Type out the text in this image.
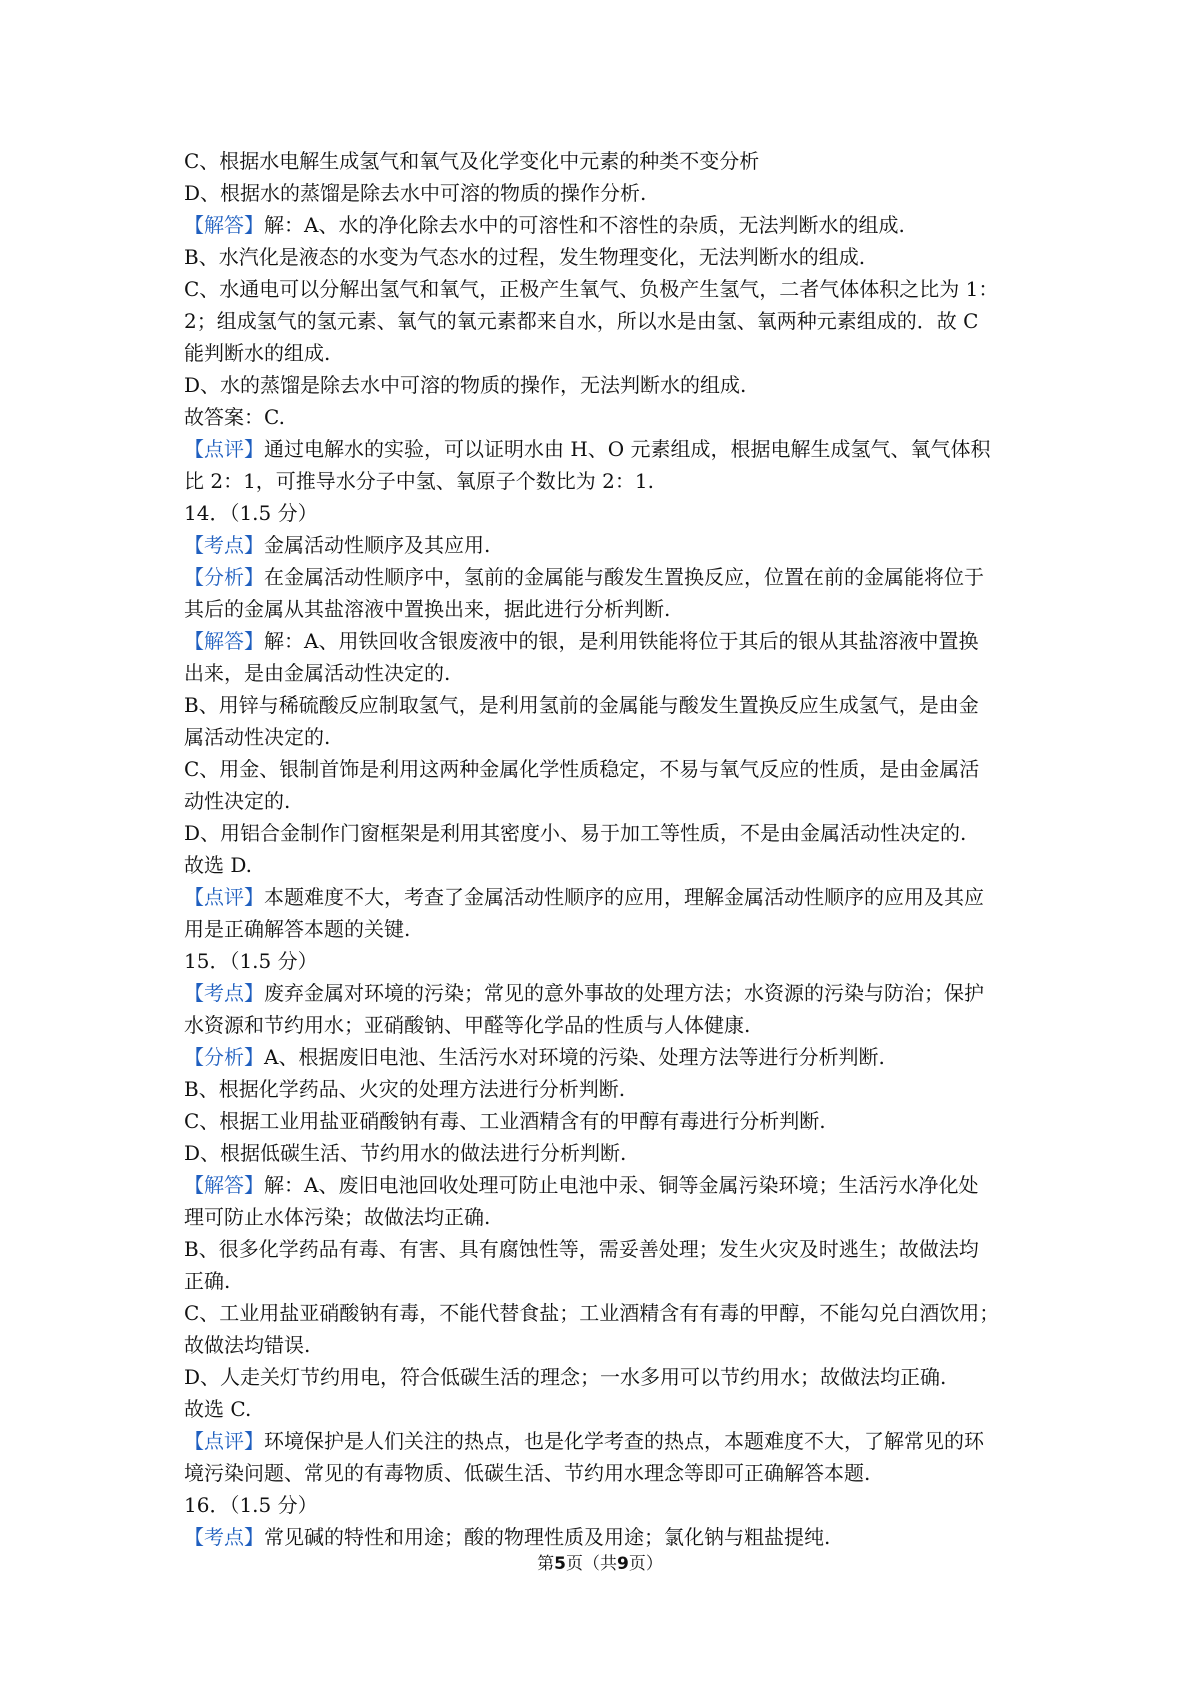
C、根据水电解生成氢气和氧气及化学变化中元素的种类不变分析
D、根据水的蒸馏是除去水中可溶的物质的操作分析.
【解答】解：A、水的净化除去水中的可溶性和不溶性的杂质，无法判断水的组成.
B、水汽化是液态的水变为气态水的过程，发生物理变化，无法判断水的组成.
C、水通电可以分解出氢气和氧气，正极产生氧气、负极产生氢气，二者气体体积之比为 1：
2；组成氢气的氢元素、氧气的氧元素都来自水，所以水是由氢、氧两种元素组成的．故 C
能判断水的组成.
D、水的蒸馏是除去水中可溶的物质的操作，无法判断水的组成.
故答案：C.
【点评】通过电解水的实验，可以证明水由 H、O 元素组成，根据电解生成氢气、氧气体积
比 2：1，可推导水分子中氢、氧原子个数比为 2：1.
14．（1.5 分）
【考点】金属活动性顺序及其应用.
【分析】在金属活动性顺序中，氢前的金属能与酸发生置换反应，位置在前的金属能将位于
其后的金属从其盐溶液中置换出来，据此进行分析判断.
【解答】解：A、用铁回收含银废液中的银，是利用铁能将位于其后的银从其盐溶液中置换
出来，是由金属活动性决定的.
B、用锌与稀硫酸反应制取氢气，是利用氢前的金属能与酸发生置换反应生成氢气，是由金
属活动性决定的.
C、用金、银制首饰是利用这两种金属化学性质稳定，不易与氧气反应的性质，是由金属活
动性决定的.
D、用铝合金制作门窗框架是利用其密度小、易于加工等性质，不是由金属活动性决定的.
故选 D.
【点评】本题难度不大，考查了金属活动性顺序的应用，理解金属活动性顺序的应用及其应
用是正确解答本题的关键.
15．（1.5 分）
【考点】废弃金属对环境的污染；常见的意外事故的处理方法；水资源的污染与防治；保护
水资源和节约用水；亚硝酸钠、甲醛等化学品的性质与人体健康.
【分析】A、根据废旧电池、生活污水对环境的污染、处理方法等进行分析判断.
B、根据化学药品、火灾的处理方法进行分析判断.
C、根据工业用盐亚硝酸钠有毒、工业酒精含有的甲醇有毒进行分析判断.
D、根据低碳生活、节约用水的做法进行分析判断.
【解答】解：A、废旧电池回收处理可防止电池中汞、铜等金属污染环境；生活污水净化处
理可防止水体污染；故做法均正确.
B、很多化学药品有毒、有害、具有腐蚀性等，需妥善处理；发生火灾及时逃生；故做法均
正确.
C、工业用盐亚硝酸钠有毒，不能代替食盐；工业酒精含有有毒的甲醇，不能勾兑白酒饮用；
故做法均错误.
D、人走关灯节约用电，符合低碳生活的理念；一水多用可以节约用水；故做法均正确.
故选 C.
【点评】环境保护是人们关注的热点，也是化学考查的热点，本题难度不大，了解常见的环
境污染问题、常见的有毒物质、低碳生活、节约用水理念等即可正确解答本题.
16．（1.5 分）
【考点】常见碱的特性和用途；酸的物理性质及用途；氯化钠与粗盐提纯.
第5页（共9页）
